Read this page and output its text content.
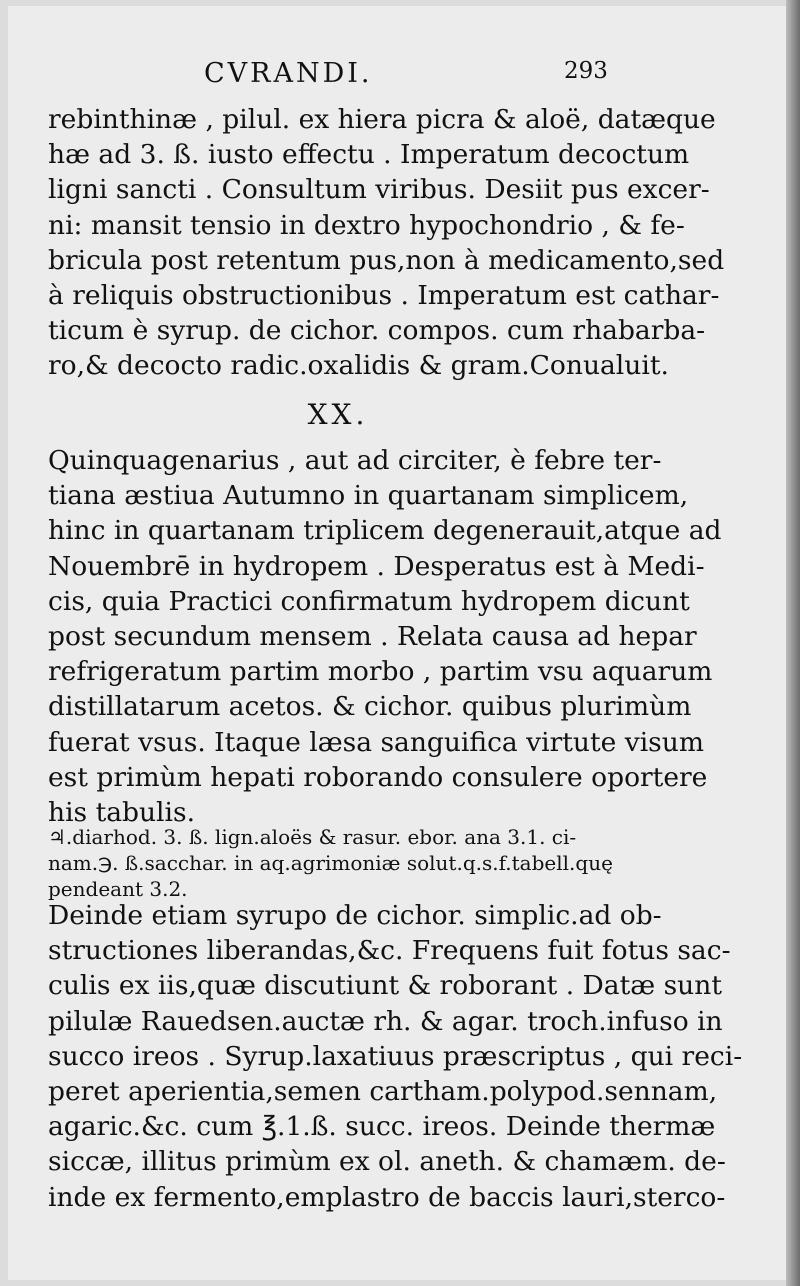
CVRANDI.	293
rebinthinæ , pilul. ex hiera picra & aloë, datæque
hæ ad 3. ß. iusto effectu . Imperatum decoctum
ligni sancti . Consultum viribus. Desiit pus excer-
ni: mansit tensio in dextro hypochondrio , & fe-
bricula post retentum pus,non à medicamento,sed
à reliquis obstructionibus . Imperatum est cathar-
ticum è syrup. de cichor. compos. cum rhabarba-
ro,& decocto radic.oxalidis & gram.Conualuit.
XX.
Quinquagenarius , aut ad circiter, è febre ter-
tiana æstiua Autumno in quartanam simplicem,
hinc in quartanam triplicem degenerauit,atque ad
Nouembrē in hydropem . Desperatus est à Medi-
cis, quia Practici confirmatum hydropem dicunt
post secundum mensem . Relata causa ad hepar
refrigeratum partim morbo , partim vsu aquarum
distillatarum acetos. & cichor. quibus plurimùm
fuerat vsus. Itaque læsa sanguifica virtute visum
est primùm hepati roborando consulere oportere
his tabulis.
♃.diarhod. 3. ß. lign.aloës & rasur. ebor. ana 3.1. ci-
nam.℈. ß.sacchar. in aq.agrimoniæ solut.q.s.f.tabell.quę
pendeant 3.2.
Deinde etiam syrupo de cichor. simplic.ad ob-
structiones liberandas,&c. Frequens fuit fotus sac-
culis ex iis,quæ discutiunt & roborant . Datæ sunt
pilulæ Rauedsen.auctæ rh. & agar. troch.infuso in
succo ireos . Syrup.laxatiuus præscriptus , qui reci-
peret aperientia,semen cartham.polypod.sennam,
agaric.&c. cum ℥.1.ß. succ. ireos. Deinde thermæ
siccæ, illitus primùm ex ol. aneth. & chamæm. de-
inde ex fermento,emplastro de baccis lauri,sterco-
